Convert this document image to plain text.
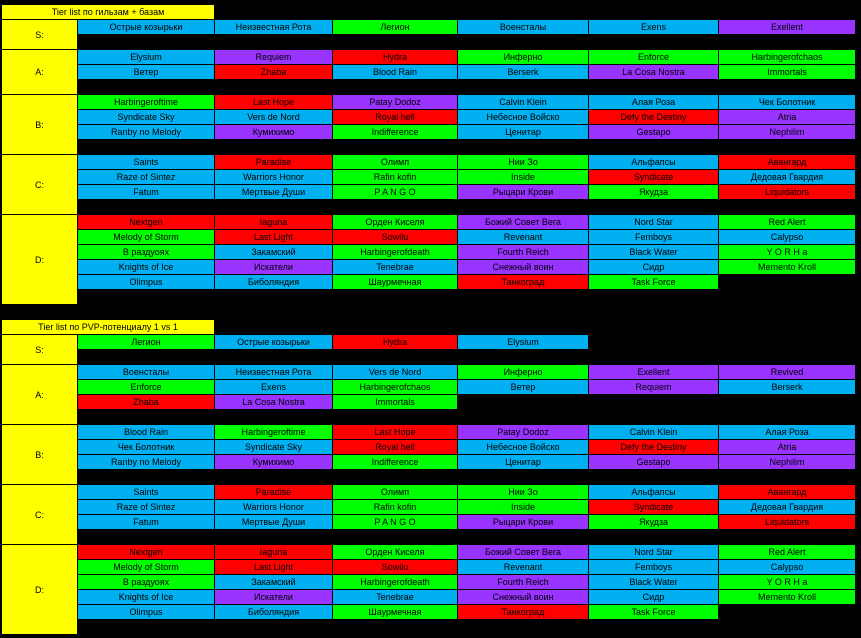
Tier list по гильзам + базам
S:
Острые козырьки	Неизвестная Рота	Легион	Военсталы	Exens	Exellent
A:
Elysium	Requiem	Hydra	Инферно	Enforce	Harbingerofchaos
Ветер	Zhaba	Blood Rain	Berserk	La Cosa Nostra	Immortals
B:
Harbingeroftime	Last Hope	Patay Dodoz	Calvin Klein	Алая Роза	Чек Болотник
Syndicate Sky	Vers de Nord	Royal hell	Небесное Войско	Defy the Destiny	Atria
Ranby no Melody	Кумихимо	Indifference	Ценитар	Gestapo	Nephilim
C:
Saints	Paradise	Олимп	Нии Зо	Альфапсы	Авангард
Raze of Sintez	Warriors Honor	Rafin kofin	Inside	Syndicate	Дедовая Гвардия
Fatum	Мертвые Души	P A N G O	Рыцари Крови	Якудза	Liquidators
D:
Nextgen	Iaguna	Орден Киселя	Божий Совет Вега	Nord Star	Red Alert
Melody of Storm	Last Light	Sowilu	Revenant	Femboys	Calypso
В раздуоях	Закамский	Harbingerofdeath	Fourth Reich	Black Water	Y O R H a
Knights of Ice	Искатели	Tenebrae	Снежный воин	Сидр	Memento Kroll
Olimpus	Биболяндия	Шаурмечная	Танкоград	Task Force
Tier list по PVP-потенциалу 1 vs 1
S:
Легион	Острые козырьки	Hydra	Elysium
A:
Военсталы	Неизвестная Рота	Vers de Nord	Инферно	Exellent	Revived
Enforce	Exens	Harbingerofchaos	Ветер	Requiem	Berserk
Zhaba	La Cosa Nostra	Immortals
B:
Blood Rain	Harbingeroftime	Last Hope	Patay Dodoz	Calvin Klein	Алая Роза
Чек Болотник	Syndicate Sky	Royal hell	Небесное Войско	Defy the Destiny	Atria
Ranby no Melody	Кумихимо	Indifference	Ценитар	Gestapo	Nephilim
C:
Saints	Paradise	Олимп	Нии Зо	Альфапсы	Авангард
Raze of Sintez	Warriors Honor	Rafin kofin	Inside	Syndicate	Дедовая Гвардия
Fatum	Мертвые Души	P A N G O	Рыцари Крови	Якудза	Liquidators
D:
Nextgen	Iaguna	Орден Киселя	Божий Совет Вега	Nord Star	Red Alert
Melody of Storm	Last Light	Sowilu	Revenant	Femboys	Calypso
В раздуоях	Закамский	Harbingerofdeath	Fourth Reich	Black Water	Y O R H a
Knights of Ice	Искатели	Tenebrae	Снежный воин	Сидр	Memento Kroll
Olimpus	Биболяндия	Шаурмечная	Танкоград	Task Force
